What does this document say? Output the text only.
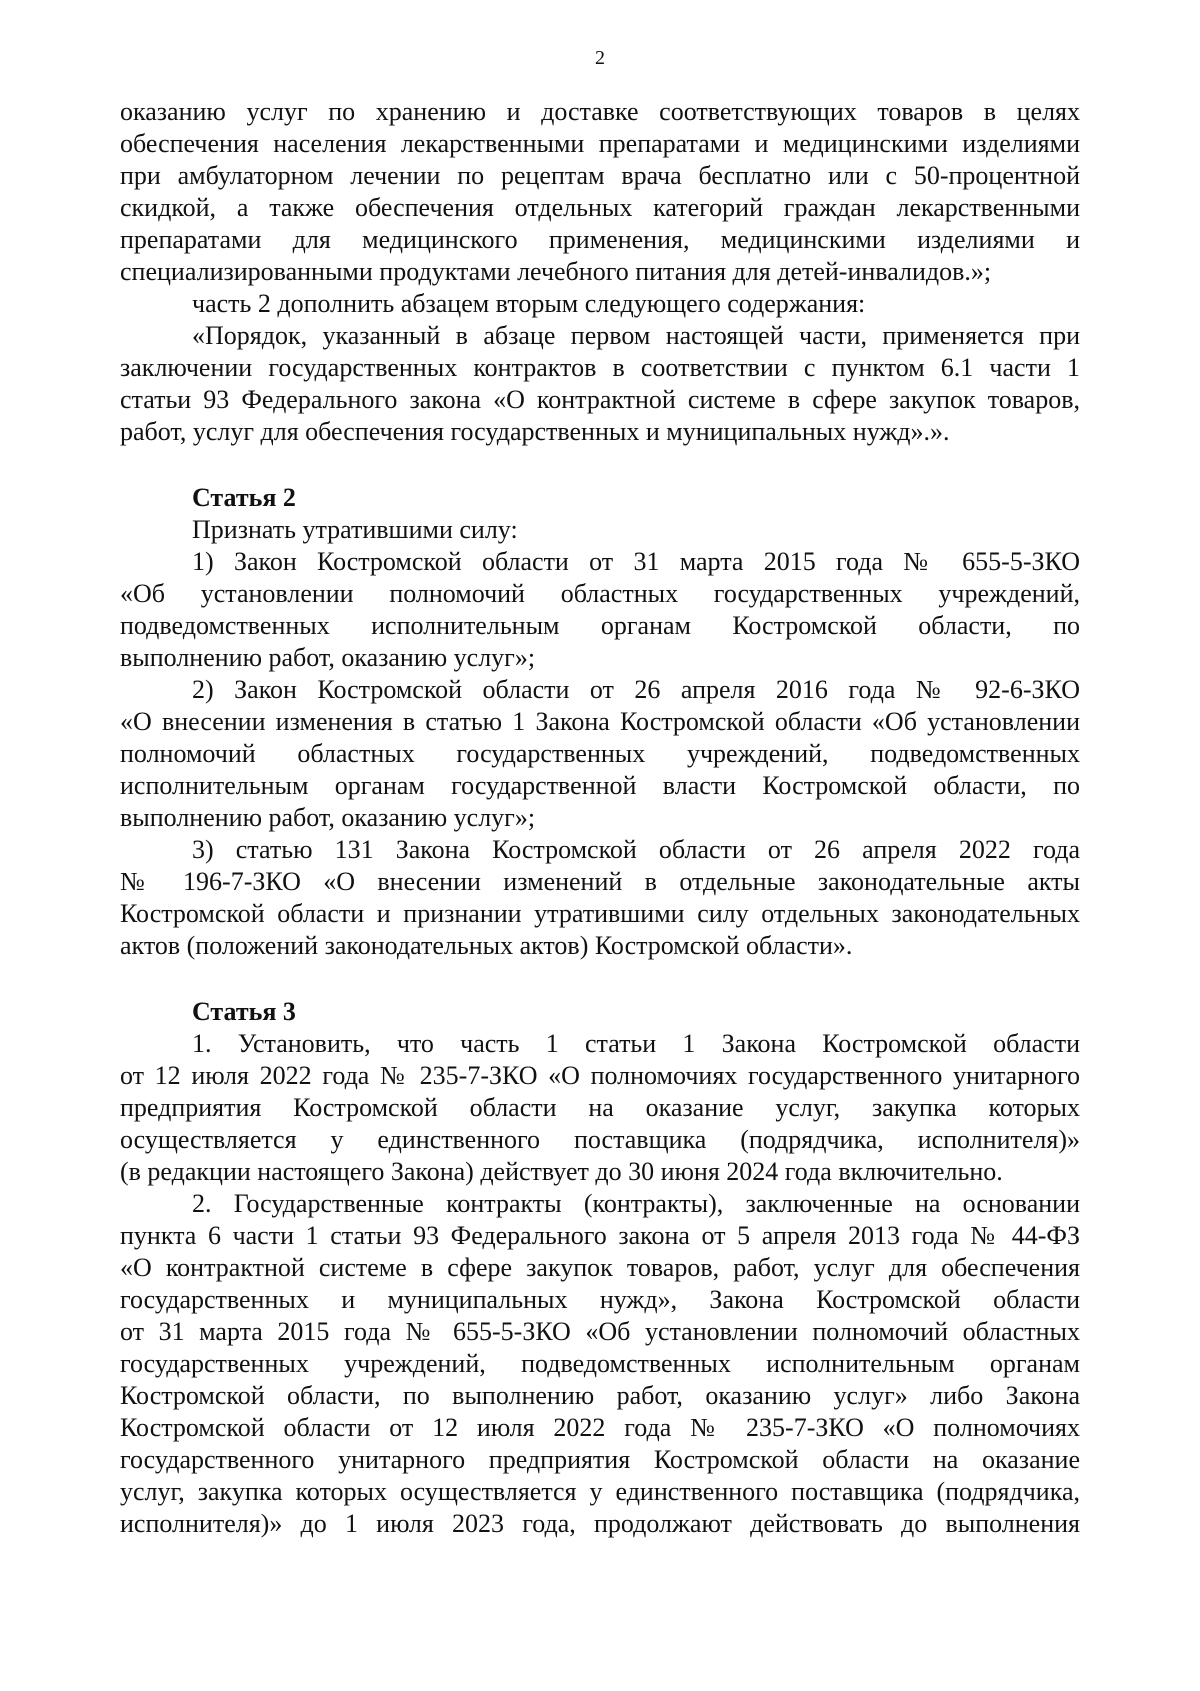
2
оказанию услуг по хранению и доставке соответствующих товаров в целях
обеспечения населения лекарственными препаратами и медицинскими изделиями
при амбулаторном лечении по рецептам врача бесплатно или с 50-процентной
скидкой, а также обеспечения отдельных категорий граждан лекарственными
препаратами для медицинского применения, медицинскими изделиями и
специализированными продуктами лечебного питания для детей-инвалидов.»;
часть 2 дополнить абзацем вторым следующего содержания:
«Порядок, указанный в абзаце первом настоящей части, применяется при
заключении государственных контрактов в соответствии с пунктом 6.1 части 1
статьи 93 Федерального закона «О контрактной системе в сфере закупок товаров,
работ, услуг для обеспечения государственных и муниципальных нужд».».
Статья 2
Признать утратившими силу:
1) Закон Костромской области от 31 марта 2015 года № 655-5-ЗКО
«Об установлении полномочий областных государственных учреждений,
подведомственных исполнительным органам Костромской области, по
выполнению работ, оказанию услуг»;
2) Закон Костромской области от 26 апреля 2016 года № 92-6-ЗКО
«О внесении изменения в статью 1 Закона Костромской области «Об установлении
полномочий областных государственных учреждений, подведомственных
исполнительным органам государственной власти Костромской области, по
выполнению работ, оказанию услуг»;
3) статью 131 Закона Костромской области от 26 апреля 2022 года
№ 196-7-ЗКО «О внесении изменений в отдельные законодательные акты
Костромской области и признании утратившими силу отдельных законодательных
актов (положений законодательных актов) Костромской области».
Статья 3
1. Установить, что часть 1 статьи 1 Закона Костромской области
от 12 июля 2022 года № 235-7-ЗКО «О полномочиях государственного унитарного
предприятия Костромской области на оказание услуг, закупка которых
осуществляется у единственного поставщика (подрядчика, исполнителя)»
(в редакции настоящего Закона) действует до 30 июня 2024 года включительно.
2. Государственные контракты (контракты), заключенные на основании
пункта 6 части 1 статьи 93 Федерального закона от 5 апреля 2013 года № 44-ФЗ
«О контрактной системе в сфере закупок товаров, работ, услуг для обеспечения
государственных и муниципальных нужд», Закона Костромской области
от 31 марта 2015 года № 655-5-ЗКО «Об установлении полномочий областных
государственных учреждений, подведомственных исполнительным органам
Костромской области, по выполнению работ, оказанию услуг» либо Закона
Костромской области от 12 июля 2022 года № 235-7-ЗКО «О полномочиях
государственного унитарного предприятия Костромской области на оказание
услуг, закупка которых осуществляется у единственного поставщика (подрядчика,
исполнителя)» до 1 июля 2023 года, продолжают действовать до выполнения
